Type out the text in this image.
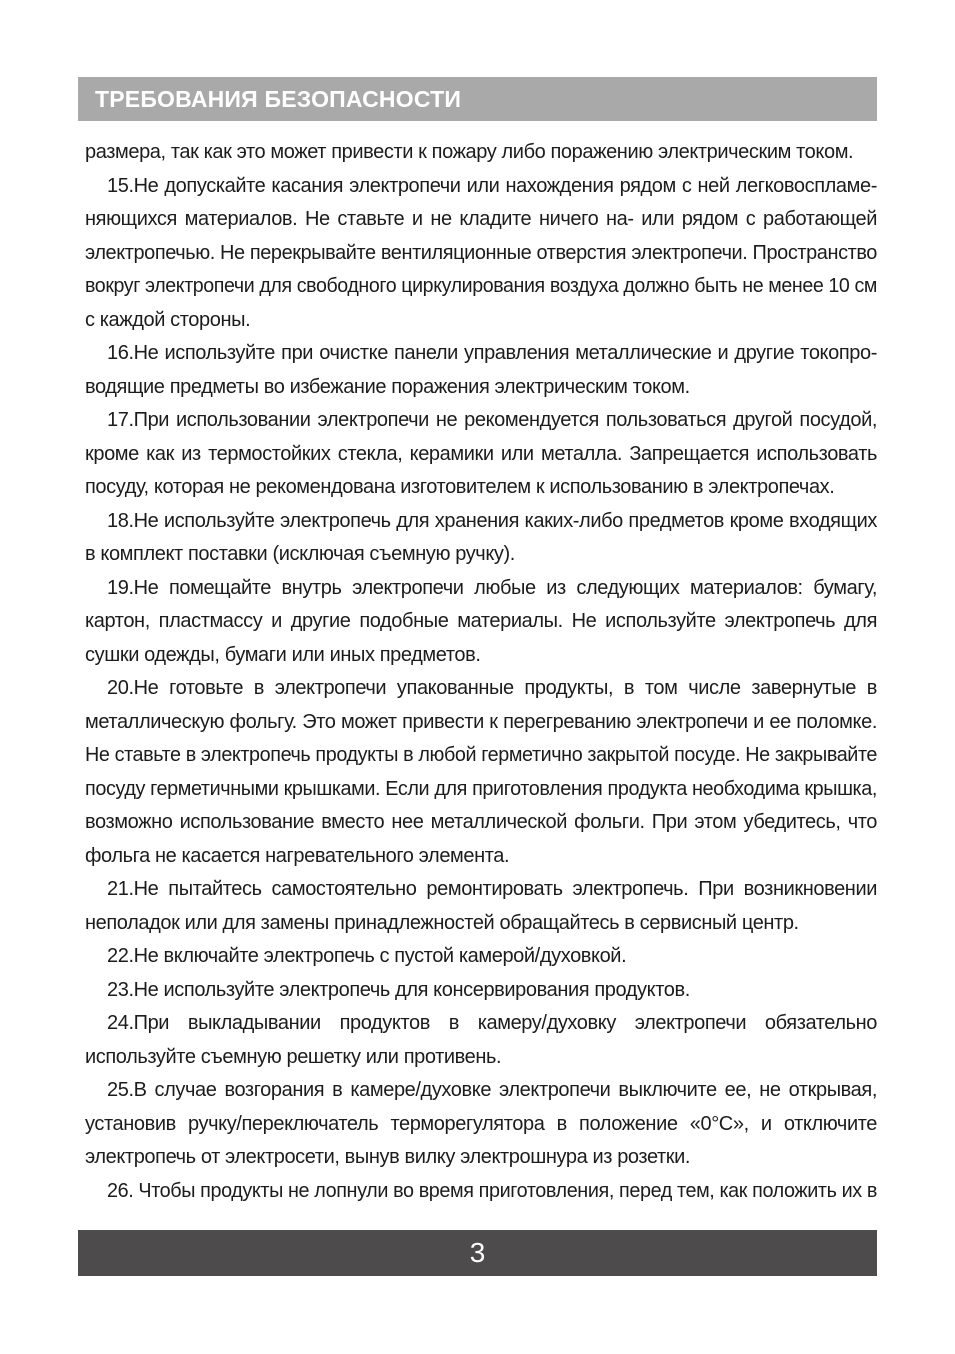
ТРЕБОВАНИЯ БЕЗОПАСНОСТИ
размера, так как это может привести к пожару либо поражению электрическим током.
15.Не допускайте касания электропечи или нахождения рядом с ней легковоспламе-
няющихся материалов. Не ставьте и не кладите ничего на- или рядом с работающей
электропечью. Не перекрывайте вентиляционные отверстия электропечи. Пространство
вокруг электропечи для свободного циркулирования воздуха должно быть не менее 10 см
с каждой стороны.
16.Не используйте при очистке панели управления металлические и другие токопро-
водящие предметы во избежание поражения электрическим током.
17.При использовании электропечи не рекомендуется пользоваться другой посудой,
кроме как из термостойких стекла, керамики или металла. Запрещается использовать
посуду, которая не рекомендована изготовителем к использованию в электропечах.
18.Не используйте электропечь для хранения каких-либо предметов кроме входящих
в комплект поставки (исключая съемную ручку).
19.Не помещайте внутрь электропечи любые из следующих материалов: бумагу,
картон, пластмассу и другие подобные материалы. Не используйте электропечь для
сушки одежды, бумаги или иных предметов.
20.Не готовьте в электропечи упакованные продукты, в том числе завернутые в
металлическую фольгу. Это может привести к перегреванию электропечи и ее поломке.
Не ставьте в электропечь продукты в любой герметично закрытой посуде. Не закрывайте
посуду герметичными крышками. Если для приготовления продукта необходима крышка,
возможно использование вместо нее металлической фольги. При этом убедитесь, что
фольга не касается нагревательного элемента.
21.Не пытайтесь самостоятельно ремонтировать электропечь. При возникновении
неполадок или для замены принадлежностей обращайтесь в сервисный центр.
22.Не включайте электропечь с пустой камерой/духовкой.
23.Не используйте электропечь для консервирования продуктов.
24.При выкладывании продуктов в камеру/духовку электропечи обязательно
используйте съемную решетку или противень.
25.В случае возгорания в камере/духовке электропечи выключите ее, не открывая,
установив ручку/переключатель терморегулятора в положение «0°С», и отключите
электропечь от электросети, вынув вилку электрошнура из розетки.
26. Чтобы продукты не лопнули во время приготовления, перед тем, как положить их в
3
